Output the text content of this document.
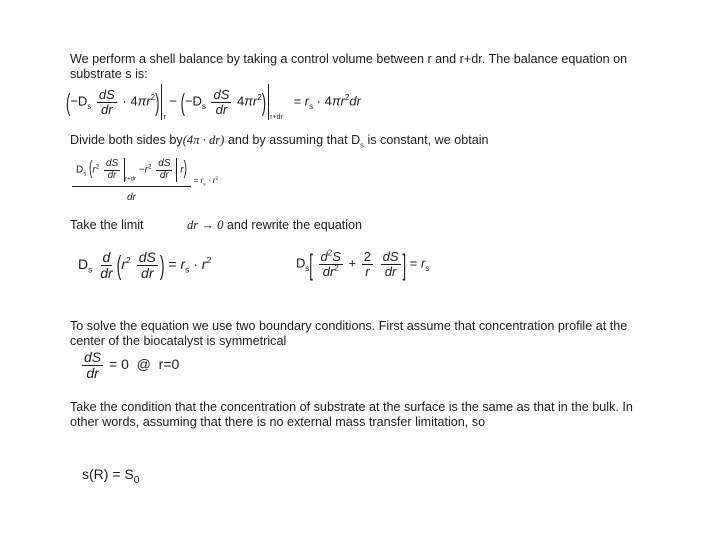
We perform a shell balance by taking a control volume between r and r+dr. The balance equation on substrate s is:

$(-D_s \frac{dS}{dr} \cdot 4\pi r^2)_r - (-D_s \frac{dS}{dr} 4\pi r^2)_{r+dr} = r_s \cdot 4\pi r^2dr$
Divide both sides by(4π · dr) and by assuming that $D_s$ is constant, we obtain
$\frac{D_s (r^2 \frac{dS}{dr} _{r+dr} -r^2 \frac{dS}{dr} r)}{dr} = r_s \cdot r^2$
Take the limit	dr → 0 and rewrite the equation
$D_s \frac{d}{dr} (r^2 \frac{dS}{dr}$ ) = $r_s \cdot r^2$	$D_s[ \frac{d^2S}{dr^2} + \frac{2}{r}$
$\frac{dS}{dr}$ ] = $r_s$

To solve the equation we use two boundary conditions. First assume that concentration profile at the center of the biocatalyst is symmetrical

$\frac{dS}{dr} = 0$  @ r=0

Take the condition that the concentration of substrate at the surface is the same as that in the bulk. In other words, assuming that there is no external mass transfer limitation, so

$s(R) = S_0$
